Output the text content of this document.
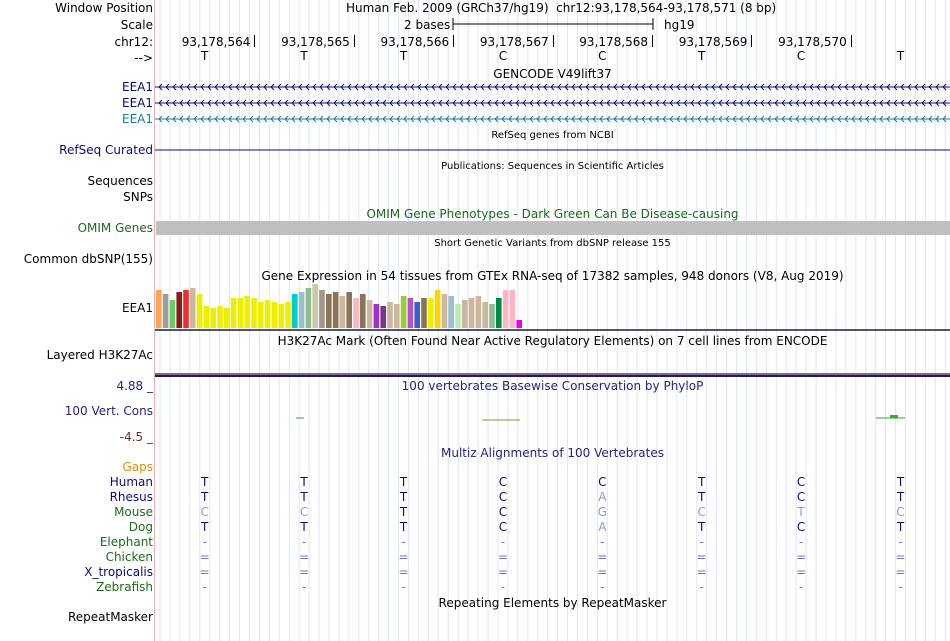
Window Position
Scale
chr12:
-->
Human Feb. 2009 (GRCh37/hg19) chr12:93,178,564-93,178,571 (8 bp)
2 bases	hg19
93,178,564	93,178,565	93,178,566	93,178,567	93,178,568	93,178,569	93,178,570
T	T	T	C	C	T	C	T
GENCODE V49lift37
EEA1
EEA1
EEA1
RefSeq genes from NCBI
RefSeq Curated
Publications: Sequences in Scientific Articles
Sequences
SNPs
OMIM Gene Phenotypes - Dark Green Can Be Disease-causing
OMIM Genes
Short Genetic Variants from dbSNP release 155
Common dbSNP(155)
Gene Expression in 54 tissues from GTEx RNA-seq of 17382 samples, 948 donors (V8, Aug 2019)
EEA1
H3K27Ac Mark (Often Found Near Active Regulatory Elements) on 7 cell lines from ENCODE
Layered H3K27Ac
4.88 _	100 vertebrates Basewise Conservation by PhyloP
100 Vert. Cons
-4.5 _
Multiz Alignments of 100 Vertebrates
Gaps
Human	T	T	T	C	C	T	C	T
Rhesus	T	T	T	C	A	T	C	T
Mouse	C	C	T	C	G	C	T	C
Dog	T	T	T	C	A	T	C	T
Elephant	-	-	-	-	-	-	-	-
Chicken	=	=	=	=	=	=	=	=
X_tropicalis	=	=	=	=	=	=	=	=
Zebrafish	-	-	-	-	-	-	-	-
Repeating Elements by RepeatMasker
RepeatMasker
